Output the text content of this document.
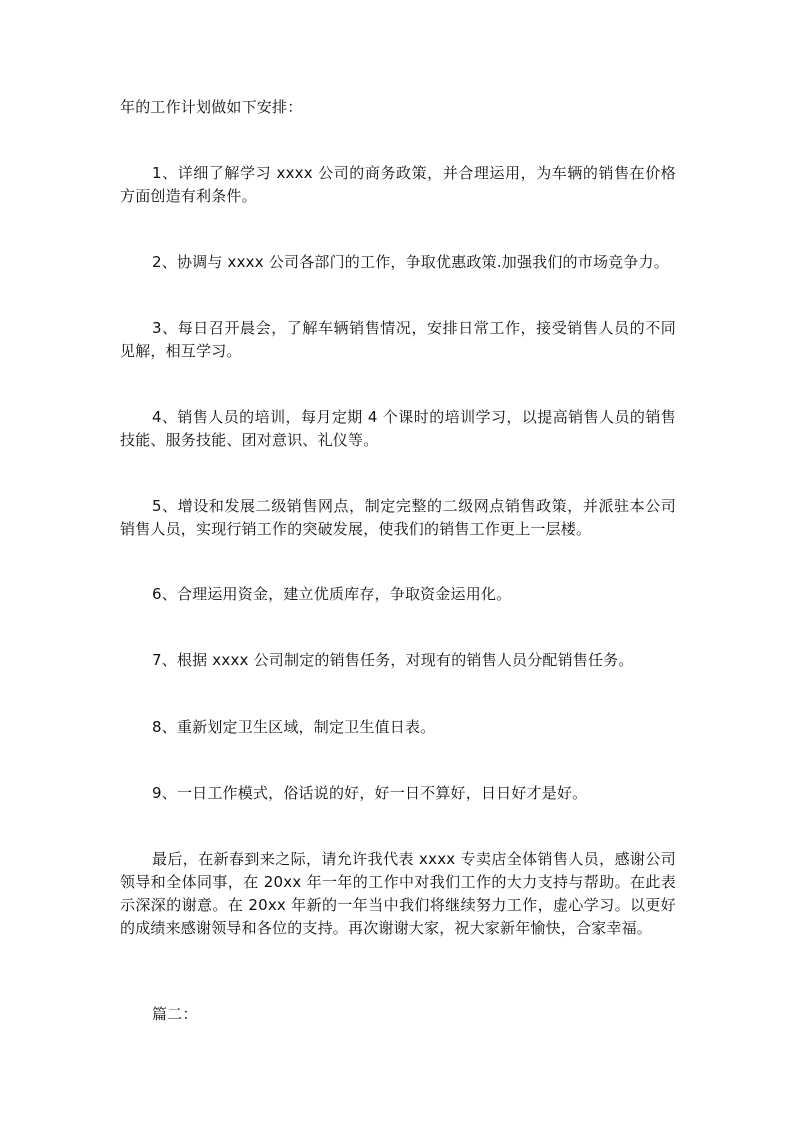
年的工作计划做如下安排：

1、详细了解学习 xxxx 公司的商务政策，并合理运用，为车辆的销售在价格方面创造有利条件。

2、协调与 xxxx 公司各部门的工作，争取优惠政策.加强我们的市场竞争力。

3、每日召开晨会，了解车辆销售情况，安排日常工作，接受销售人员的不同见解，相互学习。

4、销售人员的培训，每月定期 4 个课时的培训学习，以提高销售人员的销售技能、服务技能、团对意识、礼仪等。

5、增设和发展二级销售网点，制定完整的二级网点销售政策，并派驻本公司销售人员，实现行销工作的突破发展，使我们的销售工作更上一层楼。

6、合理运用资金，建立优质库存，争取资金运用化。

7、根据 xxxx 公司制定的销售任务，对现有的销售人员分配销售任务。

8、重新划定卫生区域，制定卫生值日表。

9、一日工作模式，俗话说的好，好一日不算好，日日好才是好。

最后，在新春到来之际，请允许我代表 xxxx 专卖店全体销售人员，感谢公司领导和全体同事，在 20xx 年一年的工作中对我们工作的大力支持与帮助。在此表示深深的谢意。在 20xx 年新的一年当中我们将继续努力工作，虚心学习。以更好的成绩来感谢领导和各位的支持。再次谢谢大家，祝大家新年愉快，合家幸福。

篇二：
